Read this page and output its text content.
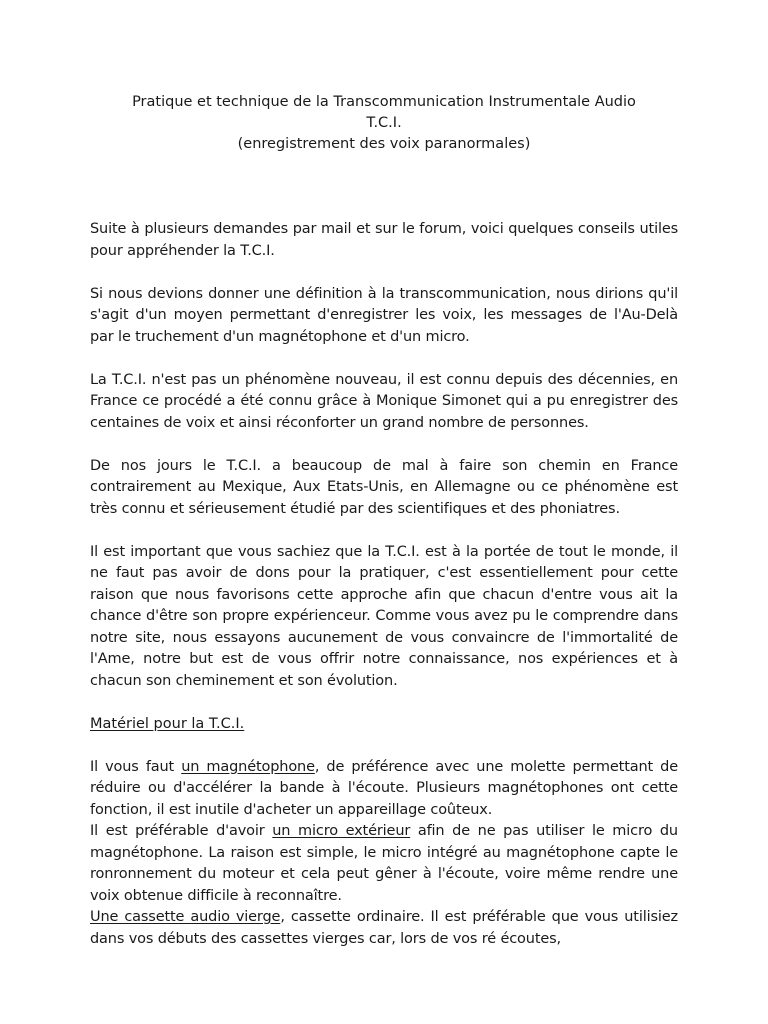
Pratique et technique de la Transcommunication Instrumentale Audio
T.C.I.
(enregistrement des voix paranormales)

Suite à plusieurs demandes par mail et sur le forum, voici quelques conseils utiles pour appréhender la T.C.I.

Si nous devions donner une définition à la transcommunication, nous dirions qu'il s'agit d'un moyen permettant d'enregistrer les voix, les messages de l'Au-Delà par le truchement d'un magnétophone et d'un micro.

La T.C.I. n'est pas un phénomène nouveau, il est connu depuis des décennies, en France ce procédé a été connu grâce à Monique Simonet qui a pu enregistrer des centaines de voix et ainsi réconforter un grand nombre de personnes.

De nos jours le T.C.I. a beaucoup de mal à faire son chemin en France contrairement au Mexique, Aux Etats-Unis, en Allemagne ou ce phénomène est très connu et sérieusement étudié par des scientifiques et des phoniatres.

Il est important que vous sachiez que la T.C.I. est à la portée de tout le monde, il ne faut pas avoir de dons pour la pratiquer, c'est essentiellement pour cette raison que nous favorisons cette approche afin que chacun d'entre vous ait la chance d'être son propre expérienceur. Comme vous avez pu le comprendre dans notre site, nous essayons aucunement de vous convaincre de l'immortalité de l'Ame, notre but est de vous offrir notre connaissance, nos expériences et à chacun son cheminement et son évolution.

Matériel pour la T.C.I.

Il vous faut un magnétophone, de préférence avec une molette permettant de réduire ou d'accélérer la bande à l'écoute. Plusieurs magnétophones ont cette fonction, il est inutile d'acheter un appareillage coûteux.

Il est préférable d'avoir un micro extérieur afin de ne pas utiliser le micro du magnétophone. La raison est simple, le micro intégré au magnétophone capte le ronronnement du moteur et cela peut gêner à l'écoute, voire même rendre une voix obtenue difficile à reconnaître.

Une cassette audio vierge, cassette ordinaire. Il est préférable que vous utilisiez dans vos débuts des cassettes vierges car, lors de vos ré écoutes,
